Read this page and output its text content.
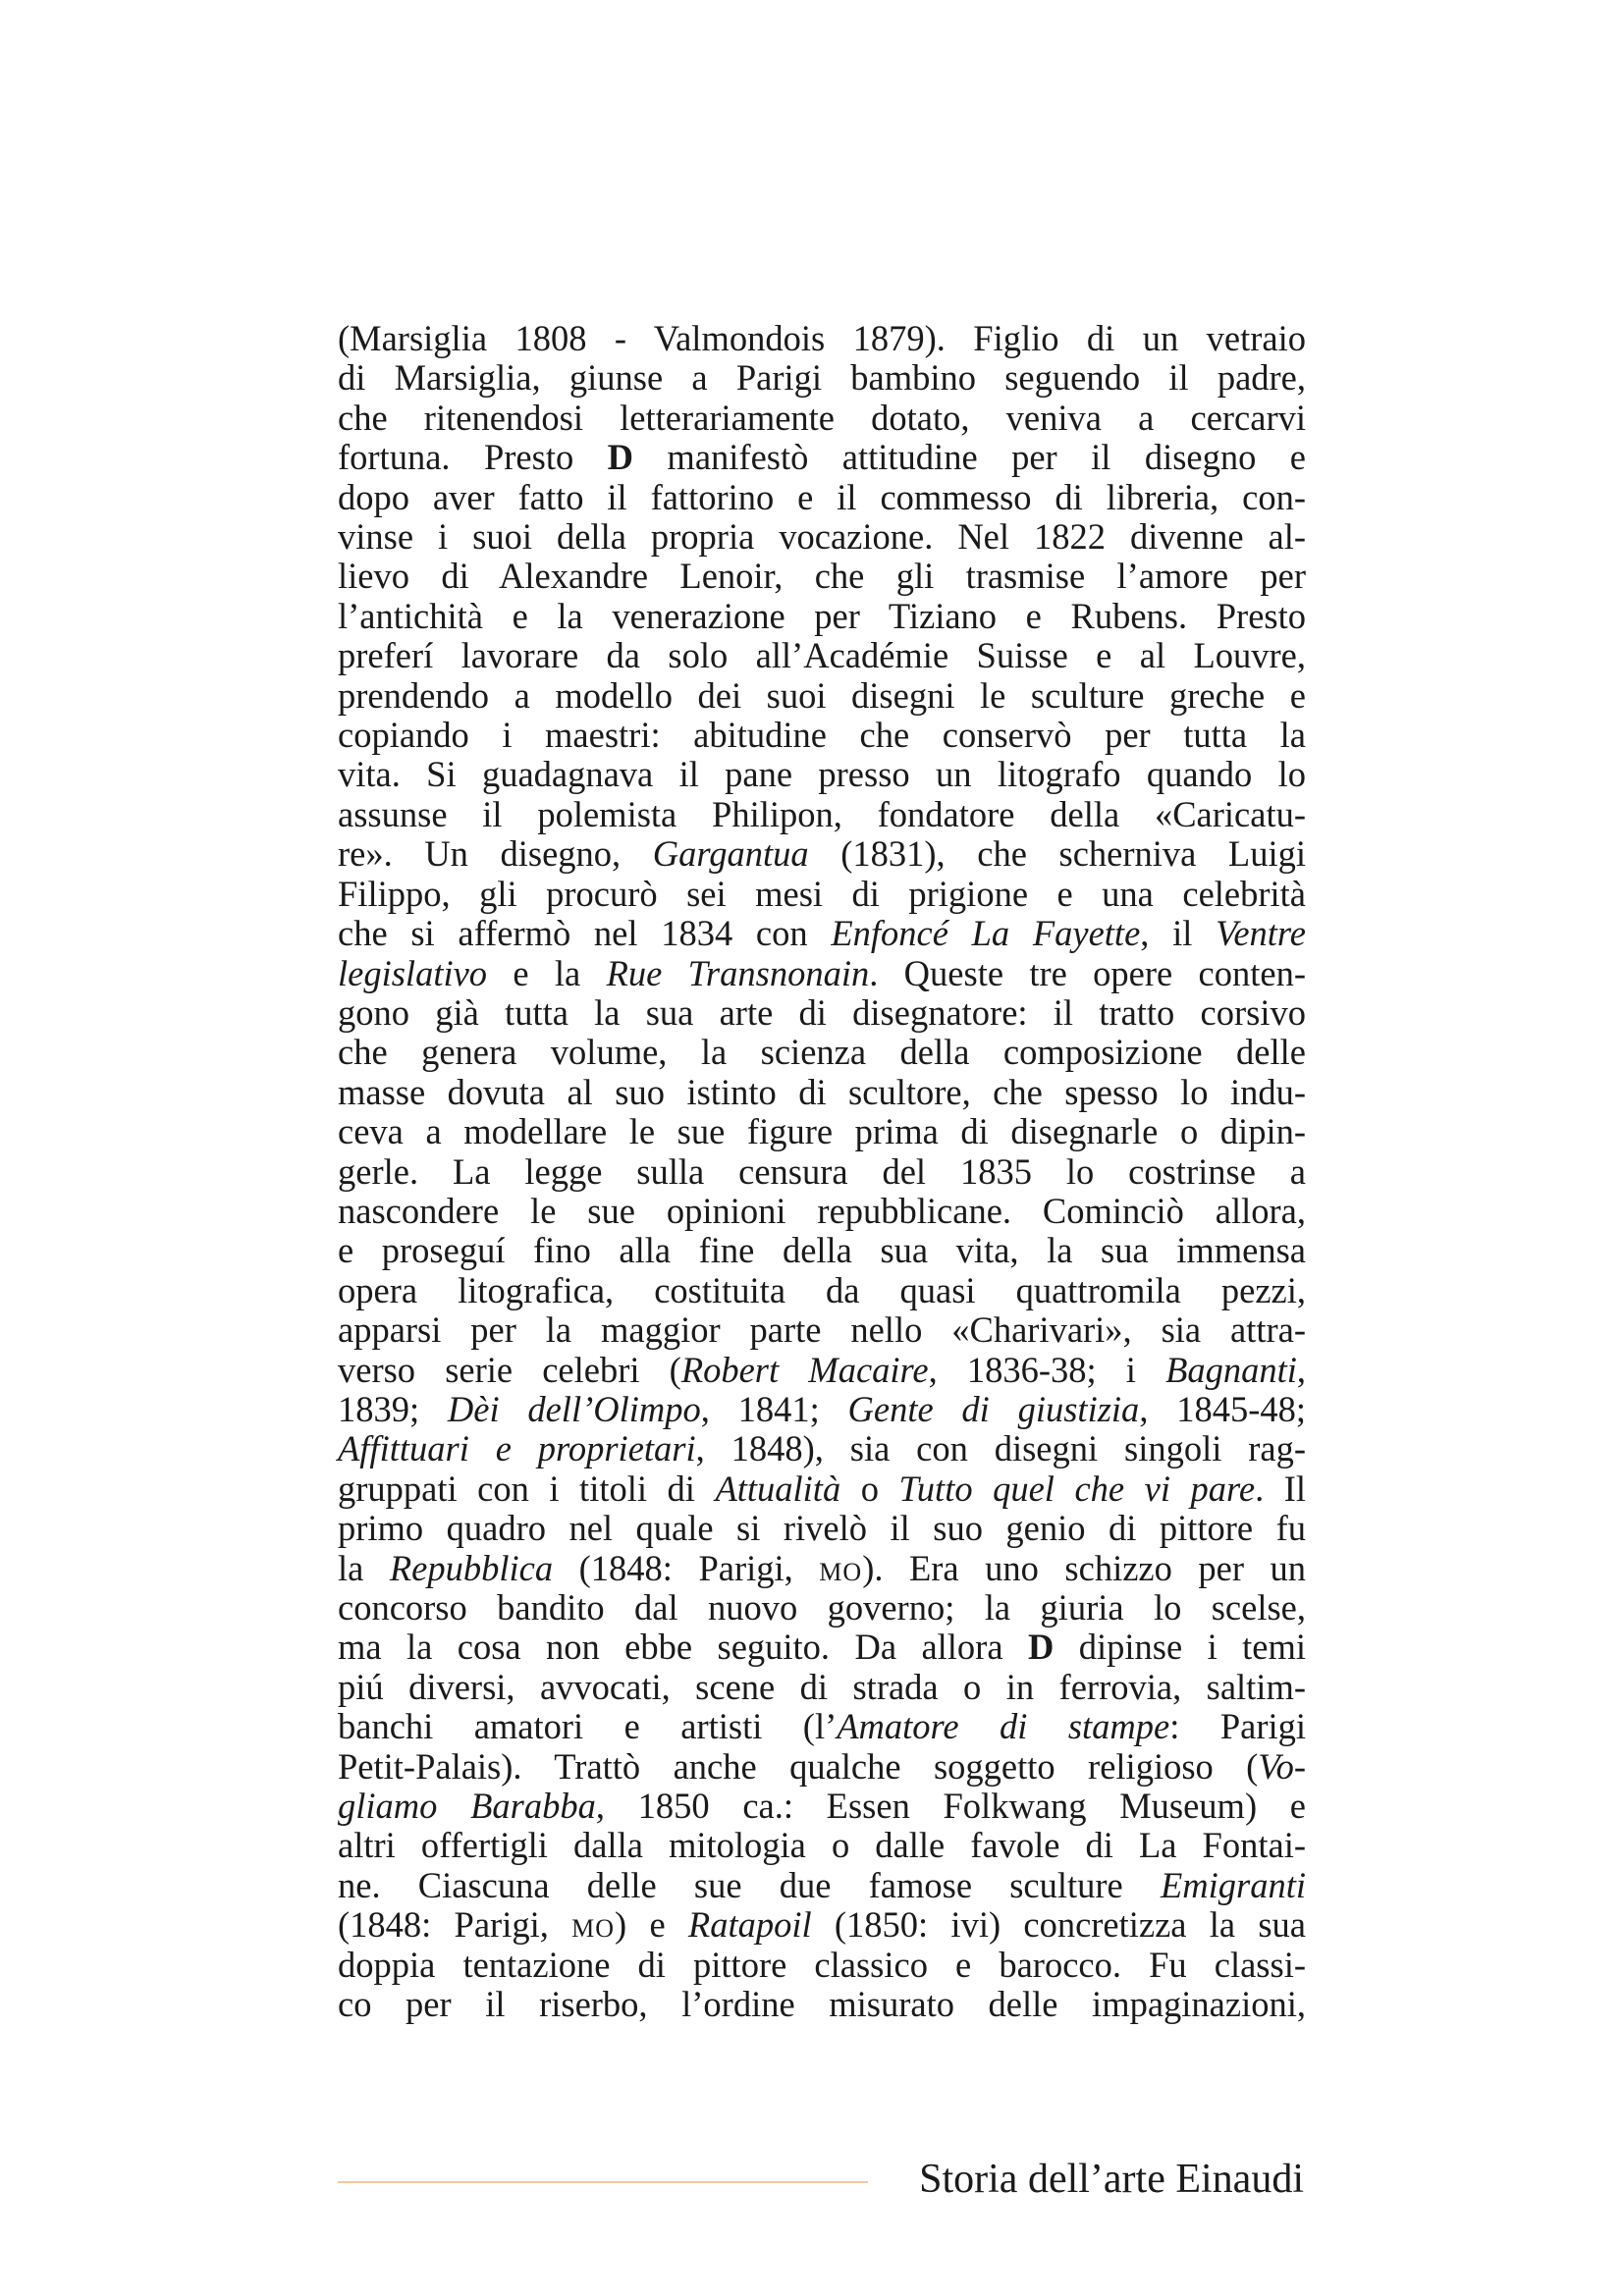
(Marsiglia 1808 - Valmondois 1879). Figlio di un vetraio
di Marsiglia, giunse a Parigi bambino seguendo il padre,
che ritenendosi letterariamente dotato, veniva a cercarvi
fortuna. Presto D manifestò attitudine per il disegno e
dopo aver fatto il fattorino e il commesso di libreria, con-
vinse i suoi della propria vocazione. Nel 1822 divenne al-
lievo di Alexandre Lenoir, che gli trasmise l’amore per
l’antichità e la venerazione per Tiziano e Rubens. Presto
preferí lavorare da solo all’Académie Suisse e al Louvre,
prendendo a modello dei suoi disegni le sculture greche e
copiando i maestri: abitudine che conservò per tutta la
vita. Si guadagnava il pane presso un litografo quando lo
assunse il polemista Philipon, fondatore della «Caricatu-
re». Un disegno, Gargantua (1831), che scherniva Luigi
Filippo, gli procurò sei mesi di prigione e una celebrità
che si affermò nel 1834 con Enfoncé La Fayette, il Ventre
legislativo e la Rue Transnonain. Queste tre opere conten-
gono già tutta la sua arte di disegnatore: il tratto corsivo
che genera volume, la scienza della composizione delle
masse dovuta al suo istinto di scultore, che spesso lo indu-
ceva a modellare le sue figure prima di disegnarle o dipin-
gerle. La legge sulla censura del 1835 lo costrinse a
nascondere le sue opinioni repubblicane. Cominciò allora,
e proseguí fino alla fine della sua vita, la sua immensa
opera litografica, costituita da quasi quattromila pezzi,
apparsi per la maggior parte nello «Charivari», sia attra-
verso serie celebri (Robert Macaire, 1836-38; i Bagnanti,
1839; Dèi dell’Olimpo, 1841; Gente di giustizia, 1845-48;
Affittuari e proprietari, 1848), sia con disegni singoli rag-
gruppati con i titoli di Attualità o Tutto quel che vi pare. Il
primo quadro nel quale si rivelò il suo genio di pittore fu
la Repubblica (1848: Parigi, mo). Era uno schizzo per un
concorso bandito dal nuovo governo; la giuria lo scelse,
ma la cosa non ebbe seguito. Da allora D dipinse i temi
piú diversi, avvocati, scene di strada o in ferrovia, saltim-
banchi amatori e artisti (l’Amatore di stampe: Parigi
Petit-Palais). Trattò anche qualche soggetto religioso (Vo-
gliamo Barabba, 1850 ca.: Essen Folkwang Museum) e
altri offertigli dalla mitologia o dalle favole di La Fontai-
ne. Ciascuna delle sue due famose sculture Emigranti
(1848: Parigi, mo) e Ratapoil (1850: ivi) concretizza la sua
doppia tentazione di pittore classico e barocco. Fu classi-
co per il riserbo, l’ordine misurato delle impaginazioni,
Storia dell’arte Einaudi
